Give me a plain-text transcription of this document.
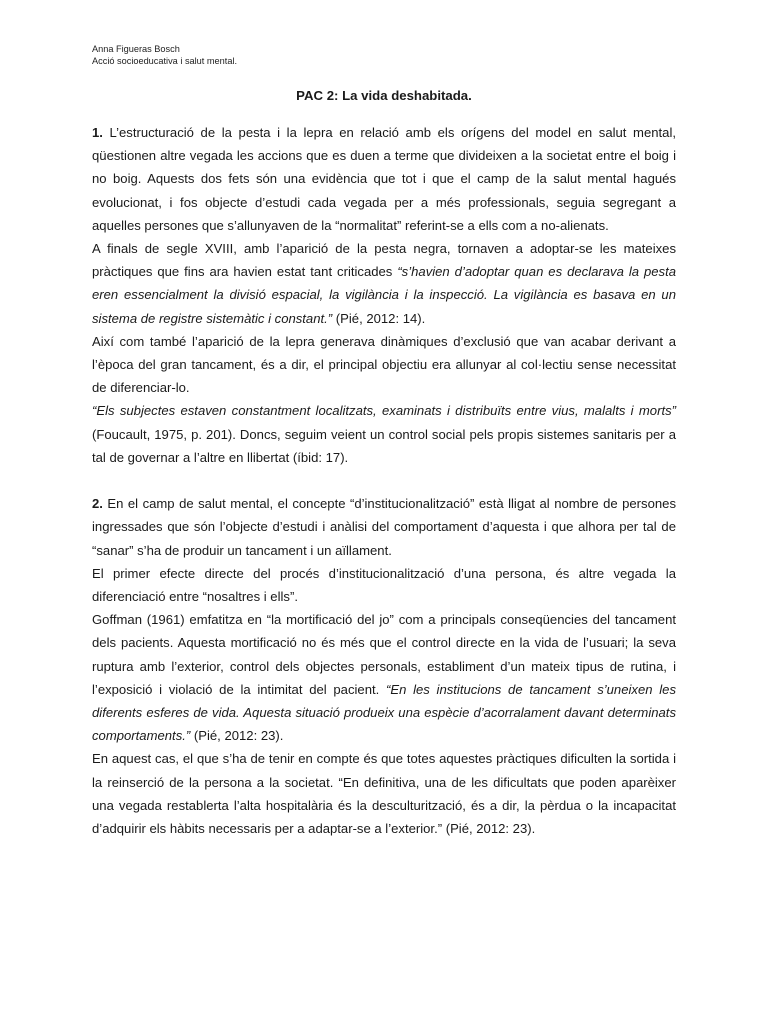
Anna Figueras Bosch
Acció socioeducativa i salut mental.
PAC 2: La vida deshabitada.

1. L’estructuració de la pesta i la lepra en relació amb els orígens del model en salut mental, qüestionen altre vegada les accions que es duen a terme que divideixen a la societat entre el boig i no boig. Aquests dos fets són una evidència que tot i que el camp de la salut mental hagués evolucionat, i fos objecte d’estudi cada vegada per a més professionals, seguia segregant a aquelles persones que s’allunyaven de la “normalitat” referint-se a ells com a no-alienats.

A finals de segle XVIII, amb l’aparició de la pesta negra, tornaven a adoptar-se les mateixes pràctiques que fins ara havien estat tant criticades “s’havien d’adoptar quan es declarava la pesta eren essencialment la divisió espacial, la vigilància i la inspecció. La vigilància es basava en un sistema de registre sistemàtic i constant.” (Pié, 2012: 14).

Així com també l’aparició de la lepra generava dinàmiques d’exclusió que van acabar derivant a l’època del gran tancament, és a dir, el principal objectiu era allunyar al col·lectiu sense necessitat de diferenciar-lo.

“Els subjectes estaven constantment localitzats, examinats i distribuïts entre vius, malalts i morts” (Foucault, 1975, p. 201). Doncs, seguim veient un control social pels propis sistemes sanitaris per a tal de governar a l’altre en llibertat (íbid: 17).

2. En el camp de salut mental, el concepte “d’institucionalització” està lligat al nombre de persones ingressades que són l’objecte d’estudi i anàlisi del comportament d’aquesta i que alhora per tal de “sanar” s’ha de produir un tancament i un aïllament.

El primer efecte directe del procés d’institucionalització d’una persona, és altre vegada la diferenciació entre “nosaltres i ells”.

Goffman (1961) emfatitza en “la mortificació del jo” com a principals conseqüencies del tancament dels pacients. Aquesta mortificació no és més que el control directe en la vida de l’usuari; la seva ruptura amb l’exterior, control dels objectes personals, establiment d’un mateix tipus de rutina, i l’exposició i violació de la intimitat del pacient. “En les institucions de tancament s’uneixen les diferents esferes de vida. Aquesta situació produeix una espècie d’acorralament davant determinats comportaments.” (Pié, 2012: 23).

En aquest cas, el que s’ha de tenir en compte és que totes aquestes pràctiques dificulten la sortida i la reinserció de la persona a la societat. “En definitiva, una de les dificultats que poden aparèixer una vegada restablerta l’alta hospitalària és la desculturització, és a dir, la pèrdua o la incapacitat d’adquirir els hàbits necessaris per a adaptar-se a l’exterior.” (Pié, 2012: 23).
